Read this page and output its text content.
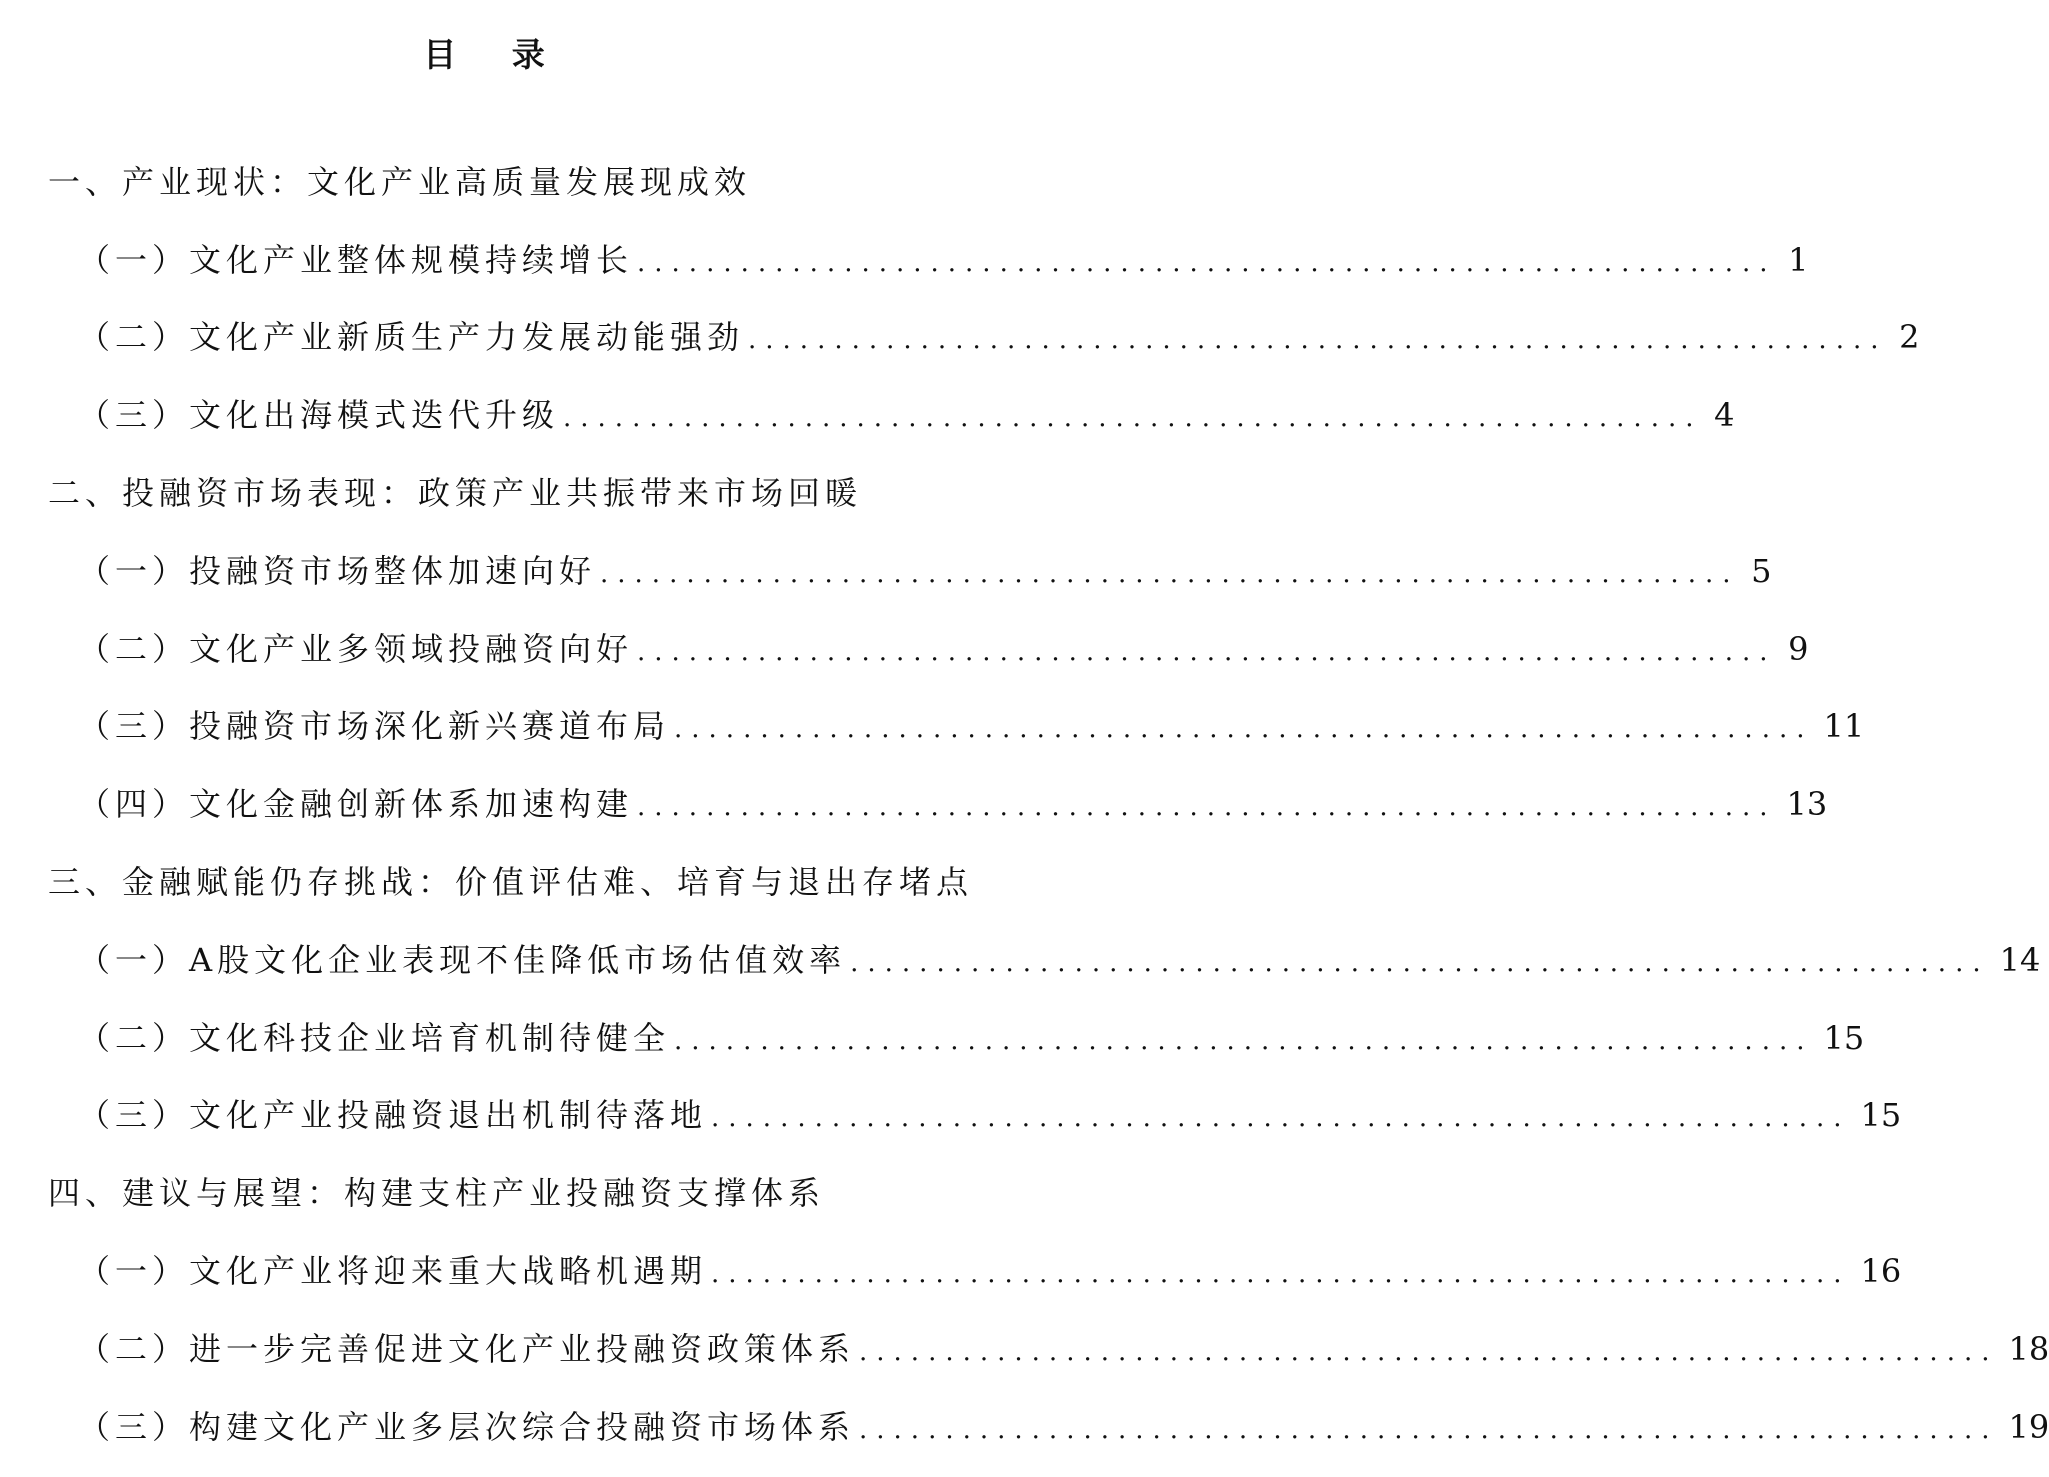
目 录
一、产业现状：文化产业高质量发展现成效
（一）文化产业整体规模持续增长 .................................................................. 1
（二）文化产业新质生产力发展动能强劲 .................................................................. 2
（三）文化出海模式迭代升级 .................................................................. 4
二、投融资市场表现：政策产业共振带来市场回暖
（一）投融资市场整体加速向好 .................................................................. 5
（二）文化产业多领域投融资向好 .................................................................. 9
（三）投融资市场深化新兴赛道布局 .................................................................. 11
（四）文化金融创新体系加速构建 .................................................................. 13
三、金融赋能仍存挑战：价值评估难、培育与退出存堵点
（一）A股文化企业表现不佳降低市场估值效率 .................................................................. 14
（二）文化科技企业培育机制待健全 .................................................................. 15
（三）文化产业投融资退出机制待落地 .................................................................. 15
四、建议与展望：构建支柱产业投融资支撑体系
（一）文化产业将迎来重大战略机遇期 .................................................................. 16
（二）进一步完善促进文化产业投融资政策体系 .................................................................. 18
（三）构建文化产业多层次综合投融资市场体系 .................................................................. 19
